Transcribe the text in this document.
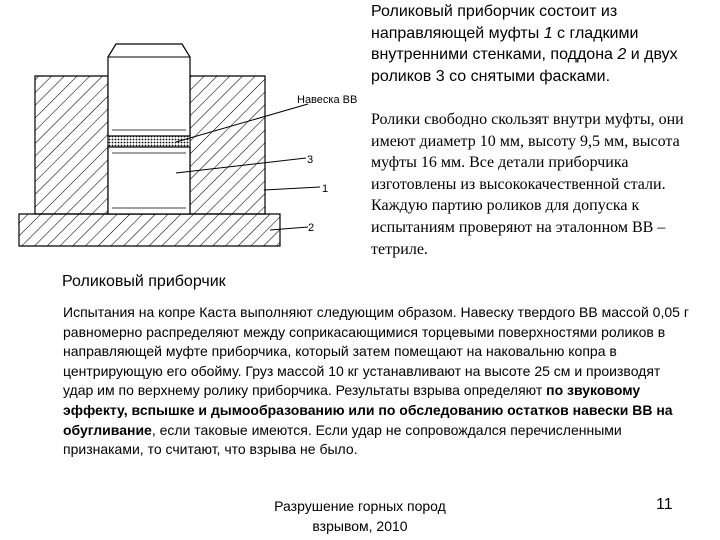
Навеска ВВ
3
1
2
Роликовый приборчик

Роликовый приборчик состоит из направляющей муфты 1 с гладкими внутренними стенками, поддона 2 и двух роликов 3 со снятыми фасками.

Ролики свободно скользят внутри муфты, они имеют диаметр 10 мм, высоту 9,5 мм, высота муфты 16 мм. Все детали приборчика изготовлены из высококачественной стали. Каждую партию роликов для допуска к испытаниям проверяют на эталонном ВВ – тетриле.

Испытания на копре Каста выполняют следующим образом. Навеску твердого ВВ массой 0,05 г равномерно распределяют между соприкасающимися торцевыми поверхностями роликов в направляющей муфте приборчика, который затем помещают на наковальню копра в центрирующую его обойму. Груз массой 10 кг устанавливают на высоте 25 см и производят удар им по верхнему ролику приборчика. Результаты взрыва определяют по звуковому эффекту, вспышке и дымообразованию или по обследованию остатков навески ВВ на обугливание, если таковые имеются. Если удар не сопровождался перечисленными признаками, то считают, что взрыва не было.

Разрушение горных пород
взрывом, 2010
11
